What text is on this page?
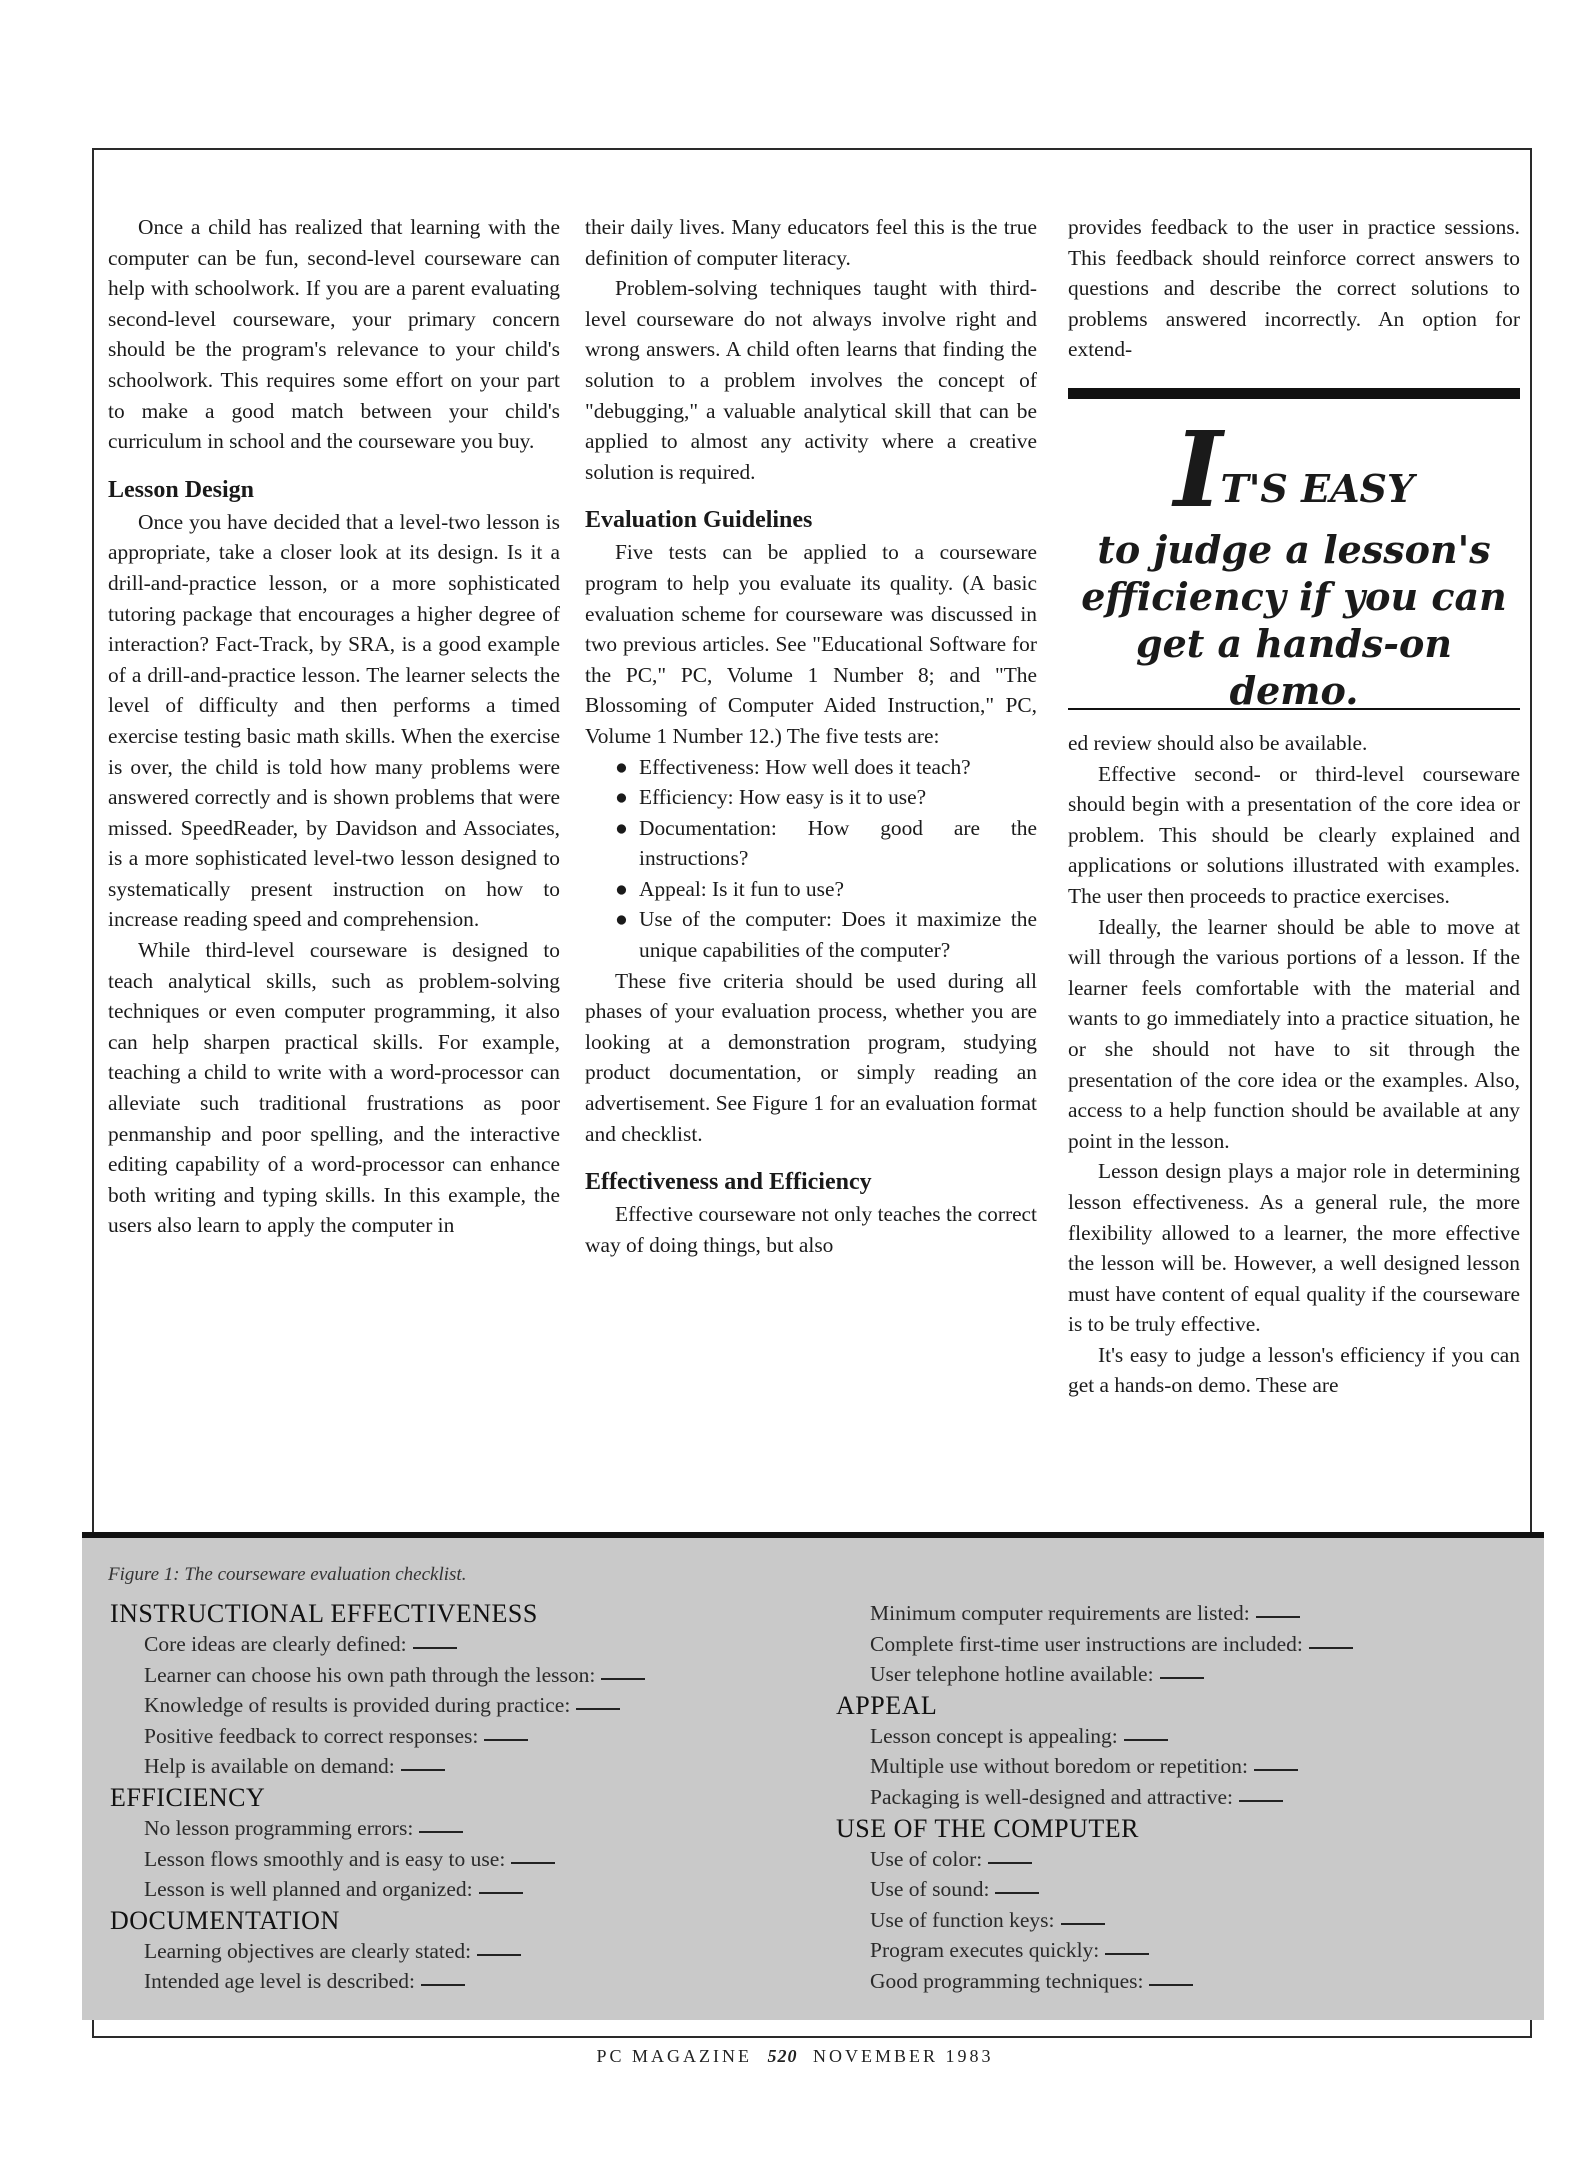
Once a child has realized that learning with the computer can be fun, second-level courseware can help with schoolwork. If you are a parent evaluating second-level courseware, your primary concern should be the program's relevance to your child's schoolwork. This requires some effort on your part to make a good match between your child's curriculum in school and the courseware you buy.

Lesson Design

Once you have decided that a level-two lesson is appropriate, take a closer look at its design. Is it a drill-and-practice lesson, or a more sophisticated tutoring package that encourages a higher degree of interaction? Fact-Track, by SRA, is a good example of a drill-and-practice lesson. The learner selects the level of difficulty and then performs a timed exercise testing basic math skills. When the exercise is over, the child is told how many problems were answered correctly and is shown problems that were missed. SpeedReader, by Davidson and Associates, is a more sophisticated level-two lesson designed to systematically present instruction on how to increase reading speed and comprehension.

While third-level courseware is designed to teach analytical skills, such as problem-solving techniques or even computer programming, it also can help sharpen practical skills. For example, teaching a child to write with a word-processor can alleviate such traditional frustrations as poor penmanship and poor spelling, and the interactive editing capability of a word-processor can enhance both writing and typing skills. In this example, the users also learn to apply the computer in

their daily lives. Many educators feel this is the true definition of computer literacy.

Problem-solving techniques taught with third-level courseware do not always involve right and wrong answers. A child often learns that finding the solution to a problem involves the concept of "debugging," a valuable analytical skill that can be applied to almost any activity where a creative solution is required.

Evaluation Guidelines

Five tests can be applied to a courseware program to help you evaluate its quality. (A basic evaluation scheme for courseware was discussed in two previous articles. See "Educational Software for the PC," PC, Volume 1 Number 8; and "The Blossoming of Computer Aided Instruction," PC, Volume 1 Number 12.) The five tests are:

● Effectiveness: How well does it teach?
● Efficiency: How easy is it to use?
● Documentation: How good are the instructions?
● Appeal: Is it fun to use?
● Use of the computer: Does it maximize the unique capabilities of the computer?

These five criteria should be used during all phases of your evaluation process, whether you are looking at a demonstration program, studying product documentation, or simply reading an advertisement. See Figure 1 for an evaluation format and checklist.

Effectiveness and Efficiency

Effective courseware not only teaches the correct way of doing things, but also

provides feedback to the user in practice sessions. This feedback should reinforce correct answers to questions and describe the correct solutions to problems answered incorrectly. An option for extend-

IT'S EASY
to judge a lesson's efficiency if you can get a hands-on demo.

ed review should also be available.

Effective second- or third-level courseware should begin with a presentation of the core idea or problem. This should be clearly explained and applications or solutions illustrated with examples. The user then proceeds to practice exercises.

Ideally, the learner should be able to move at will through the various portions of a lesson. If the learner feels comfortable with the material and wants to go immediately into a practice situation, he or she should not have to sit through the presentation of the core idea or the examples. Also, access to a help function should be available at any point in the lesson.

Lesson design plays a major role in determining lesson effectiveness. As a general rule, the more flexibility allowed to a learner, the more effective the lesson will be. However, a well designed lesson must have content of equal quality if the courseware is to be truly effective.

It's easy to judge a lesson's efficiency if you can get a hands-on demo. These are

Figure 1: The courseware evaluation checklist.
INSTRUCTIONAL EFFECTIVENESS
Core ideas are clearly defined:
Learner can choose his own path through the lesson:
Knowledge of results is provided during practice:
Positive feedback to correct responses:
Help is available on demand:
EFFICIENCY
No lesson programming errors:
Lesson flows smoothly and is easy to use:
Lesson is well planned and organized:
DOCUMENTATION
Learning objectives are clearly stated:
Intended age level is described:
Minimum computer requirements are listed:
Complete first-time user instructions are included:
User telephone hotline available:
APPEAL
Lesson concept is appealing:
Multiple use without boredom or repetition:
Packaging is well-designed and attractive:
USE OF THE COMPUTER
Use of color:
Use of sound:
Use of function keys:
Program executes quickly:
Good programming techniques:
PC MAGAZINE 520 NOVEMBER 1983
